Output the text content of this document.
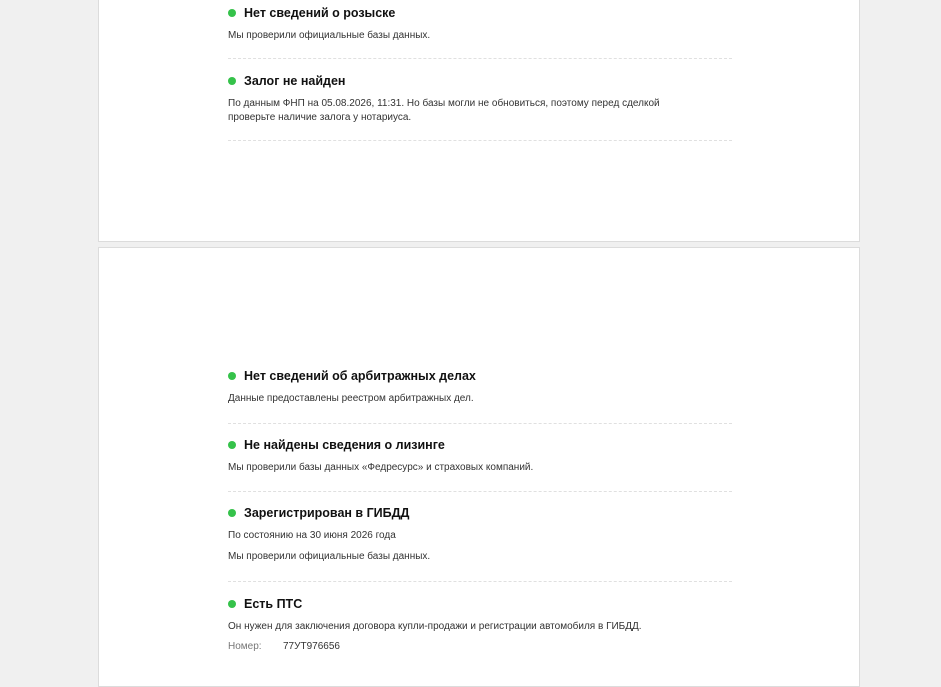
Нет сведений о розыске

Мы проверили официальные базы данных.

Залог не найден

По данным ФНП на 05.08.2026, 11:31. Но базы могли не обновиться, поэтому перед сделкой проверьте наличие залога у нотариуса.

Нет сведений об арбитражных делах

Данные предоставлены реестром арбитражных дел.

Не найдены сведения о лизинге

Мы проверили базы данных «Федресурс» и страховых компаний.

Зарегистрирован в ГИБДД

По состоянию на 30 июня 2026 года

Мы проверили официальные базы данных.

Есть ПТС

Он нужен для заключения договора купли-продажи и регистрации автомобиля в ГИБДД.

Номер:	77УТ976656
